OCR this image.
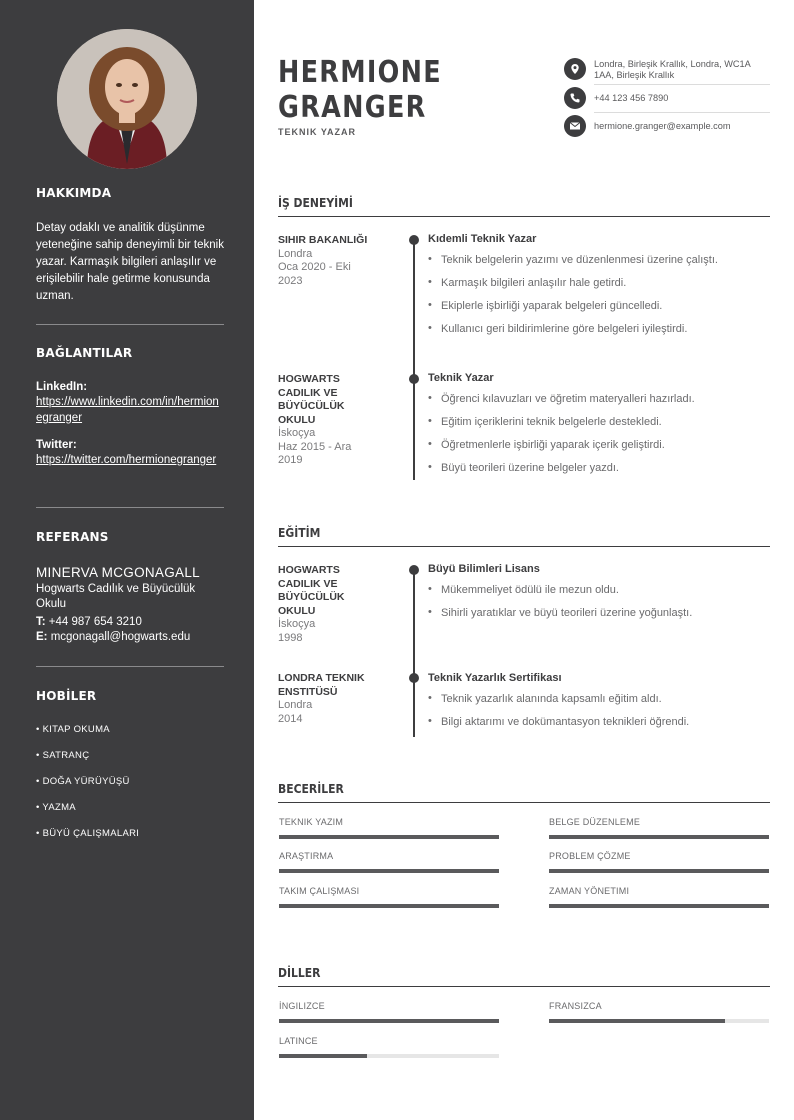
HAKKIMDA
Detay odaklı ve analitik düşünme yeteneğine sahip deneyimli bir teknik yazar. Karmaşık bilgileri anlaşılır ve erişilebilir hale getirme konusunda uzman.
BAĞLANTILAR
LinkedIn:
https://www.linkedin.com/in/hermionegranger
Twitter:
https://twitter.com/hermionegranger
REFERANS
MINERVA MCGONAGALL
Hogwarts Cadılık ve Büyücülük Okulu
T: +44 987 654 3210
E: mcgonagall@hogwarts.edu
HOBİLER
• KITAP OKUMA
• SATRANÇ
• DOĞA YÜRÜYÜŞÜ
• YAZMA
• BÜYÜ ÇALIŞMALARI
HERMIONE
GRANGER
TEKNIK YAZAR
Londra, Birleşik Krallık, Londra, WC1A 1AA, Birleşik Krallık
+44 123 456 7890
hermione.granger@example.com
İŞ DENEYİMİ
SIHIR BAKANLIĞI
Londra
Oca 2020 - Eki 2023
Kıdemli Teknik Yazar
• Teknik belgelerin yazımı ve düzenlenmesi üzerine çalıştı.
• Karmaşık bilgileri anlaşılır hale getirdi.
• Ekiplerle işbirliği yaparak belgeleri güncelledi.
• Kullanıcı geri bildirimlerine göre belgeleri iyileştirdi.
HOGWARTS CADILIK VE BÜYÜCÜLÜK OKULU
İskoçya
Haz 2015 - Ara 2019
Teknik Yazar
• Öğrenci kılavuzları ve öğretim materyalleri hazırladı.
• Eğitim içeriklerini teknik belgelerle destekledi.
• Öğretmenlerle işbirliği yaparak içerik geliştirdi.
• Büyü teorileri üzerine belgeler yazdı.
EĞİTİM
HOGWARTS CADILIK VE BÜYÜCÜLÜK OKULU
İskoçya
1998
Büyü Bilimleri Lisans
• Mükemmeliyet ödülü ile mezun oldu.
• Sihirli yaratıklar ve büyü teorileri üzerine yoğunlaştı.
LONDRA TEKNIK ENSTITÜSÜ
Londra
2014
Teknik Yazarlık Sertifikası
• Teknik yazarlık alanında kapsamlı eğitim aldı.
• Bilgi aktarımı ve dokümantasyon teknikleri öğrendi.
BECERİLER
TEKNIK YAZIM	BELGE DÜZENLEME
ARAŞTIRMA	PROBLEM ÇÖZME
TAKIM ÇALIŞMASI	ZAMAN YÖNETIMI
DİLLER
İNGILIZCE	FRANSIZCA
LATINCE
